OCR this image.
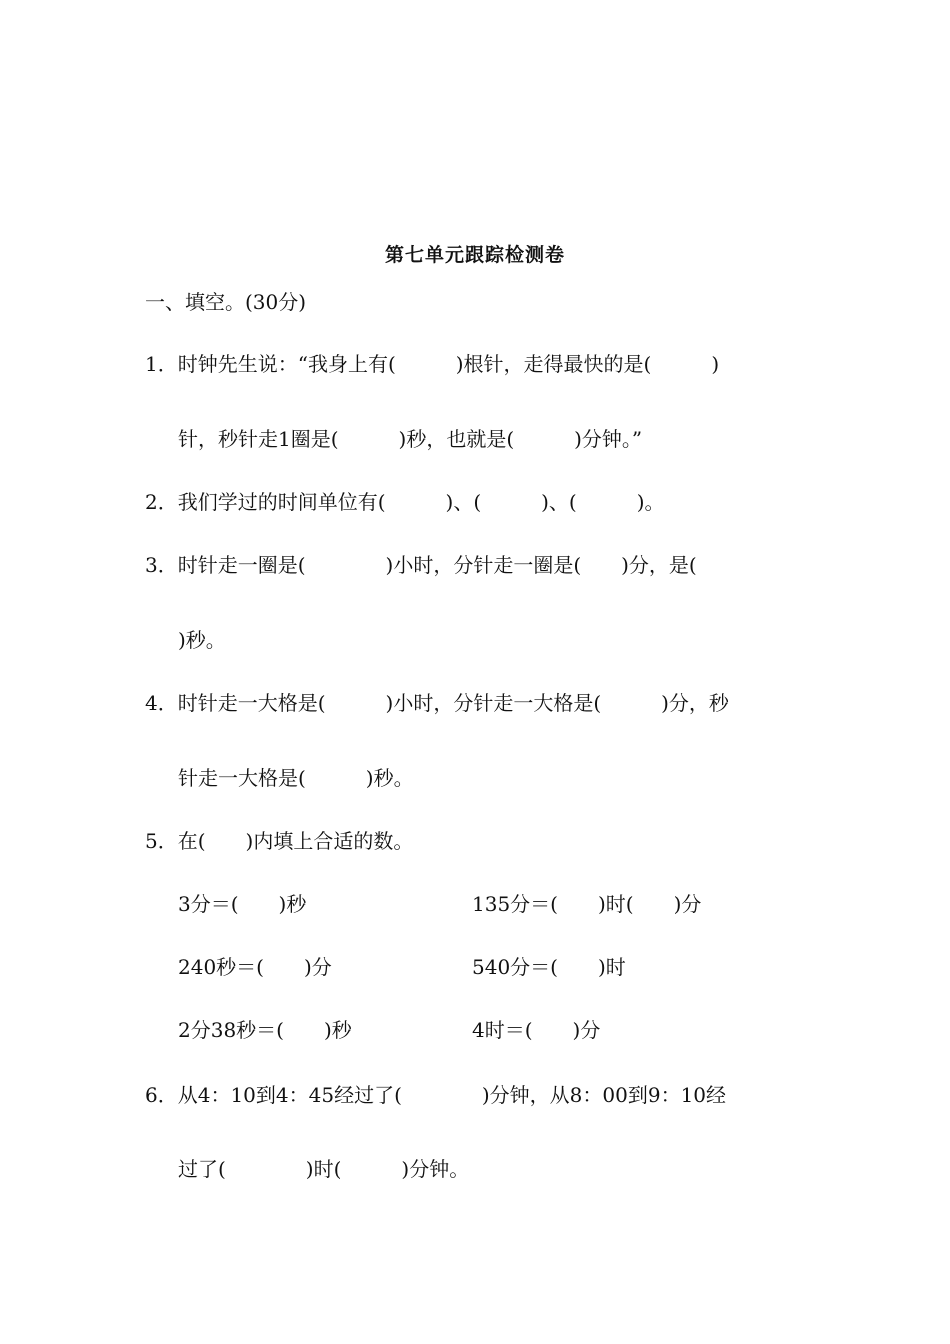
第七单元跟踪检测卷
一、填空。(30分)
1．时钟先生说：“我身上有(　　　)根针，走得最快的是(　　　)
针，秒针走1圈是(　　　)秒，也就是(　　　)分钟。”
2．我们学过的时间单位有(　　　)、(　　　)、(　　　)。
3．时针走一圈是(　　　　)小时，分针走一圈是(　　)分，是(
)秒。
4．时针走一大格是(　　　)小时，分针走一大格是(　　　)分，秒
针走一大格是(　　　)秒。
5．在(　　)内填上合适的数。
3分＝(　　)秒	135分＝(　　)时(　　)分
240秒＝(　　)分	540分＝(　　)时
2分38秒＝(　　)秒	4时＝(　　)分
6．从4：10到4：45经过了(　　　　)分钟，从8：00到9：10经
过了(　　　　)时(　　　)分钟。
